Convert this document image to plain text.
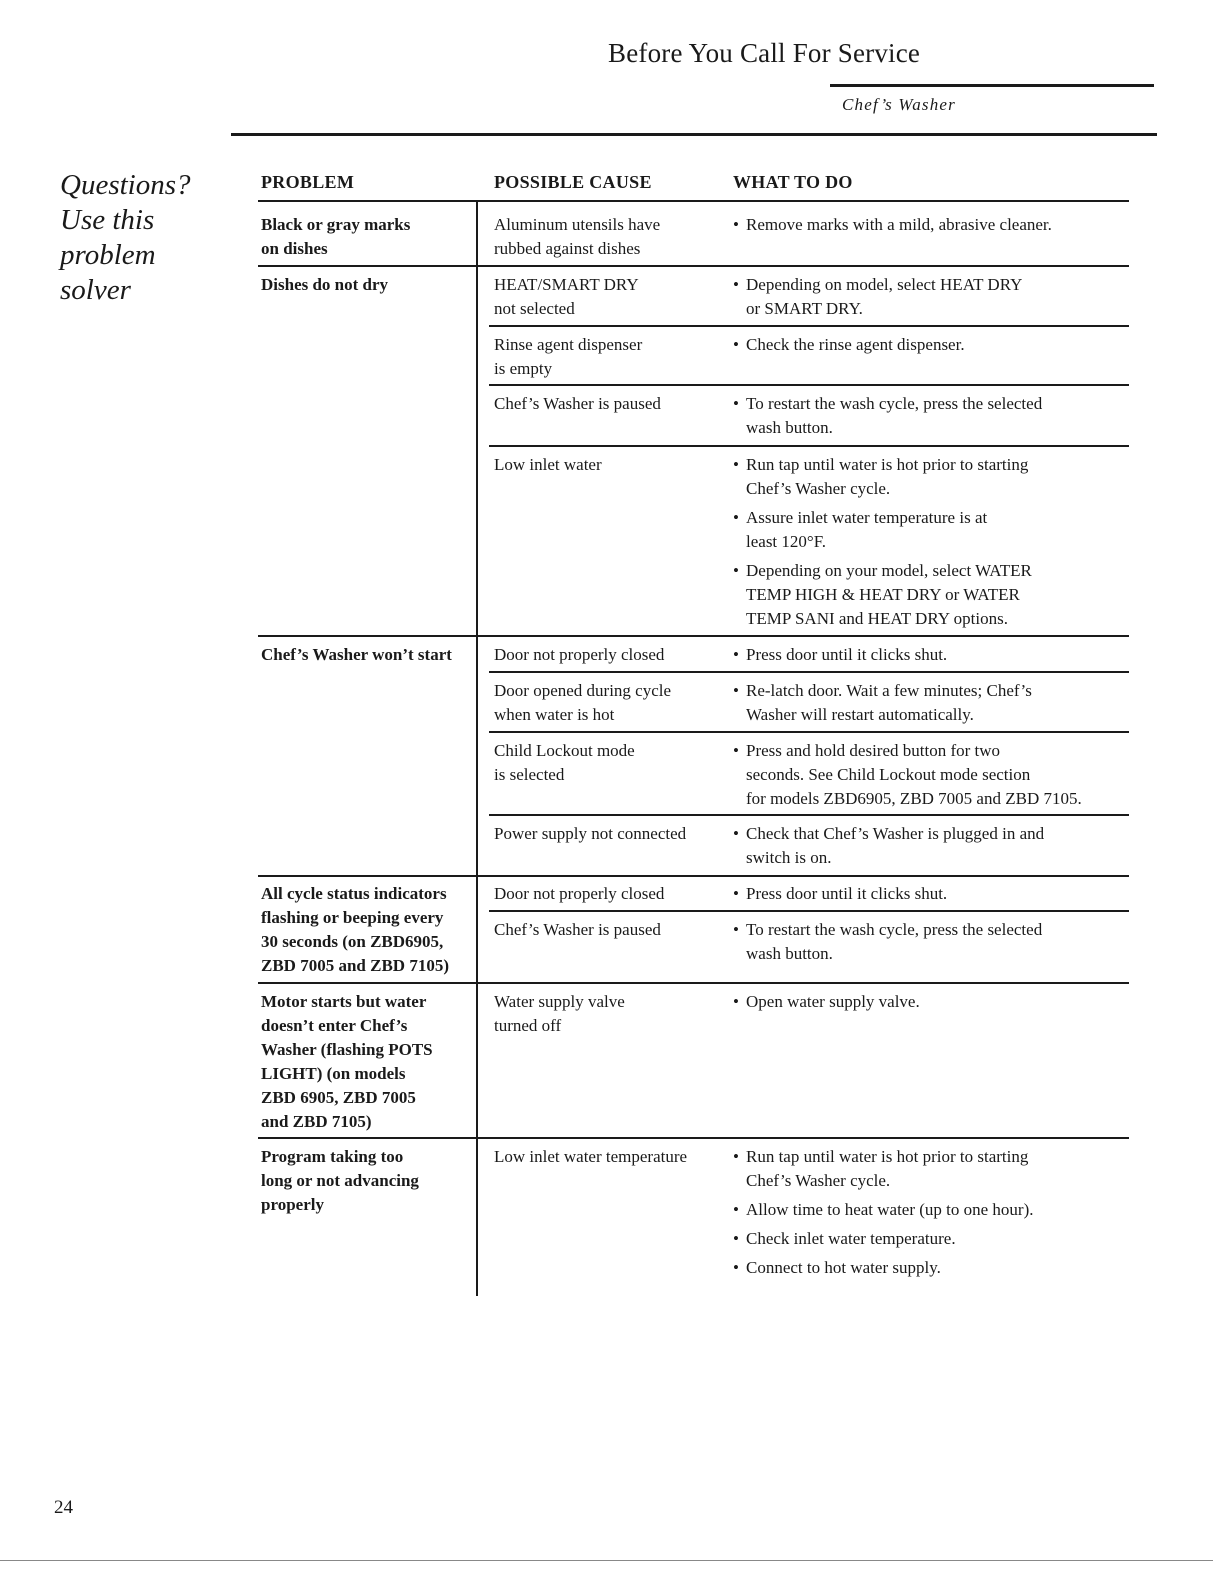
Before You Call For Service
Chef’s Washer
Questions?
Use this
problem
solver
PROBLEM	POSSIBLE CAUSE	WHAT TO DO
Black or gray marks
on dishes
Dishes do not dry
Chef’s Washer won’t start
All cycle status indicators
flashing or beeping every
30 seconds (on ZBD6905,
ZBD 7005 and ZBD 7105)
Motor starts but water
doesn’t enter Chef’s
Washer (flashing POTS
LIGHT) (on models
ZBD 6905, ZBD 7005
and ZBD 7105)
Program taking too
long or not advancing
properly
Aluminum utensils have
rubbed against dishes
HEAT/SMART DRY
not selected
Rinse agent dispenser
is empty
Chef’s Washer is paused
Low inlet water
Door not properly closed
Door opened during cycle
when water is hot
Child Lockout mode
is selected
Power supply not connected
Door not properly closed
Chef’s Washer is paused
Water supply valve
turned off
Low inlet water temperature
• Remove marks with a mild, abrasive cleaner.
• Depending on model, select HEAT DRY
or SMART DRY.
• Check the rinse agent dispenser.
• To restart the wash cycle, press the selected
wash button.
• Run tap until water is hot prior to starting
Chef’s Washer cycle.
• Assure inlet water temperature is at
least 120°F.
• Depending on your model, select WATER
TEMP HIGH & HEAT DRY or WATER
TEMP SANI and HEAT DRY options.
• Press door until it clicks shut.
• Re-latch door. Wait a few minutes; Chef’s
Washer will restart automatically.
• Press and hold desired button for two
seconds. See Child Lockout mode section
for models ZBD6905, ZBD 7005 and ZBD 7105.
• Check that Chef’s Washer is plugged in and
switch is on.
• Press door until it clicks shut.
• To restart the wash cycle, press the selected
wash button.
• Open water supply valve.
• Run tap until water is hot prior to starting
Chef’s Washer cycle.
• Allow time to heat water (up to one hour).
• Check inlet water temperature.
• Connect to hot water supply.
24
